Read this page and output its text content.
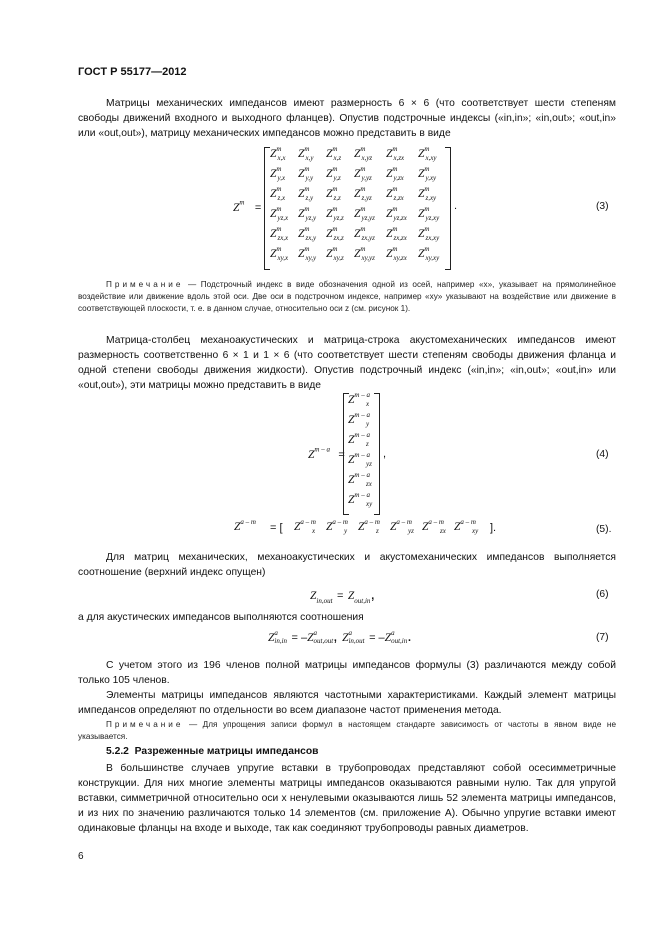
ГОСТ Р 55177—2012
Матрицы механических импедансов имеют размерность 6 × 6 (что соответствует шести степеням свободы движений входного и выходного фланцев). Опустив подстрочные индексы («in,in»; «in,out»; «out,in» или «out,out»), матрицу механических импедансов можно представить в виде
$Z^m$ =
$Z^m_{x,x}$ $Z^m_{x,y}$ $Z^m_{x,z}$ $Z^m_{x,yz}$ $Z^m_{x,zx}$ $Z^m_{x,xy}$
$Z^m_{y,x}$ $Z^m_{y,y}$ $Z^m_{y,z}$ $Z^m_{y,yz}$ $Z^m_{y,zx}$ $Z^m_{y,xy}$
$Z^m_{z,x}$ $Z^m_{z,y}$ $Z^m_{z,z}$ $Z^m_{z,yz}$ $Z^m_{z,zx}$ $Z^m_{z,xy}$
$Z^m_{yz,x}$ $Z^m_{yz,y}$ $Z^m_{yz,z}$ $Z^m_{yz,yz}$ $Z^m_{yz,zx}$ $Z^m_{yz,xy}$
$Z^m_{zx,x}$ $Z^m_{zx,y}$ $Z^m_{zx,z}$ $Z^m_{zx,yz}$ $Z^m_{zx,zx}$ $Z^m_{zx,xy}$
$Z^m_{xy,x}$ $Z^m_{xy,y}$ $Z^m_{xy,z}$ $Z^m_{xy,yz}$ $Z^m_{xy,zx}$ $Z^m_{xy,xy}$
.	(3)
Примечание — Подстрочный индекс в виде обозначения одной из осей, например «x», указывает на прямолинейное воздействие или движение вдоль этой оси. Две оси в подстрочном индексе, например «xy» указывают на воздействие или движение в соответствующей плоскости, т. е. в данном случае, относительно оси z (см. рисунок 1).
Матрица-столбец механоакустических и матрица-строка акустомеханических импедансов имеют размерность соответственно 6 × 1 и 1 × 6 (что соответствует шести степеням свободы движения фланца и одной степени свободы движения жидкости). Опустив подстрочный индекс («in,in»; «in,out»; «out,in» или «out,out»), эти матрицы можно представить в виде
$Z^{m - a}$ =
$Z^{m - a}_x$
$Z^{m - a}_y$
$Z^{m - a}_z$
$Z^{m - a}_{yz}$
$Z^{m - a}_{zx}$
$Z^{m - a}_{xy}$
,	(4)
$Z^{a - m}$ = [ $Z^{a - m}_x$ $Z^{a - m}_y$ $Z^{a - m}_z$ $Z^{a - m}_{yz}$ $Z^{a - m}_{zx}$ $Z^{a - m}_{xy}$ ].	(5).
Для матриц механических, механоакустических и акустомеханических импедансов выполняется соотношение (верхний индекс опущен)
$Z_{in,out} = Z_{out,in}$,	(6)
а для акустических импедансов выполняются соотношения
Z a
in,in = –Z a
out,out , Z a
in,out = –Z a
out,in .	(7)
С учетом этого из 196 членов полной матрицы импедансов формулы (3) различаются между собой только 105 членов.
Элементы матрицы импедансов являются частотными характеристиками. Каждый элемент матрицы импедансов определяют по отдельности во всем диапазоне частот применения метода.
Примечание — Для упрощения записи формул в настоящем стандарте зависимость от частоты в явном виде не указывается.
5.2.2 Разреженные матрицы импедансов
В большинстве случаев упругие вставки в трубопроводах представляют собой осесимметричные конструкции. Для них многие элементы матрицы импедансов оказываются равными нулю. Так для упругой вставки, симметричной относительно оси x ненулевыми оказываются лишь 52 элемента матрицы импедансов, и из них по значению различаются только 14 элементов (см. приложение А). Обычно упругие вставки имеют одинаковые фланцы на входе и выходе, так как соединяют трубопроводы равных диаметров.
6
